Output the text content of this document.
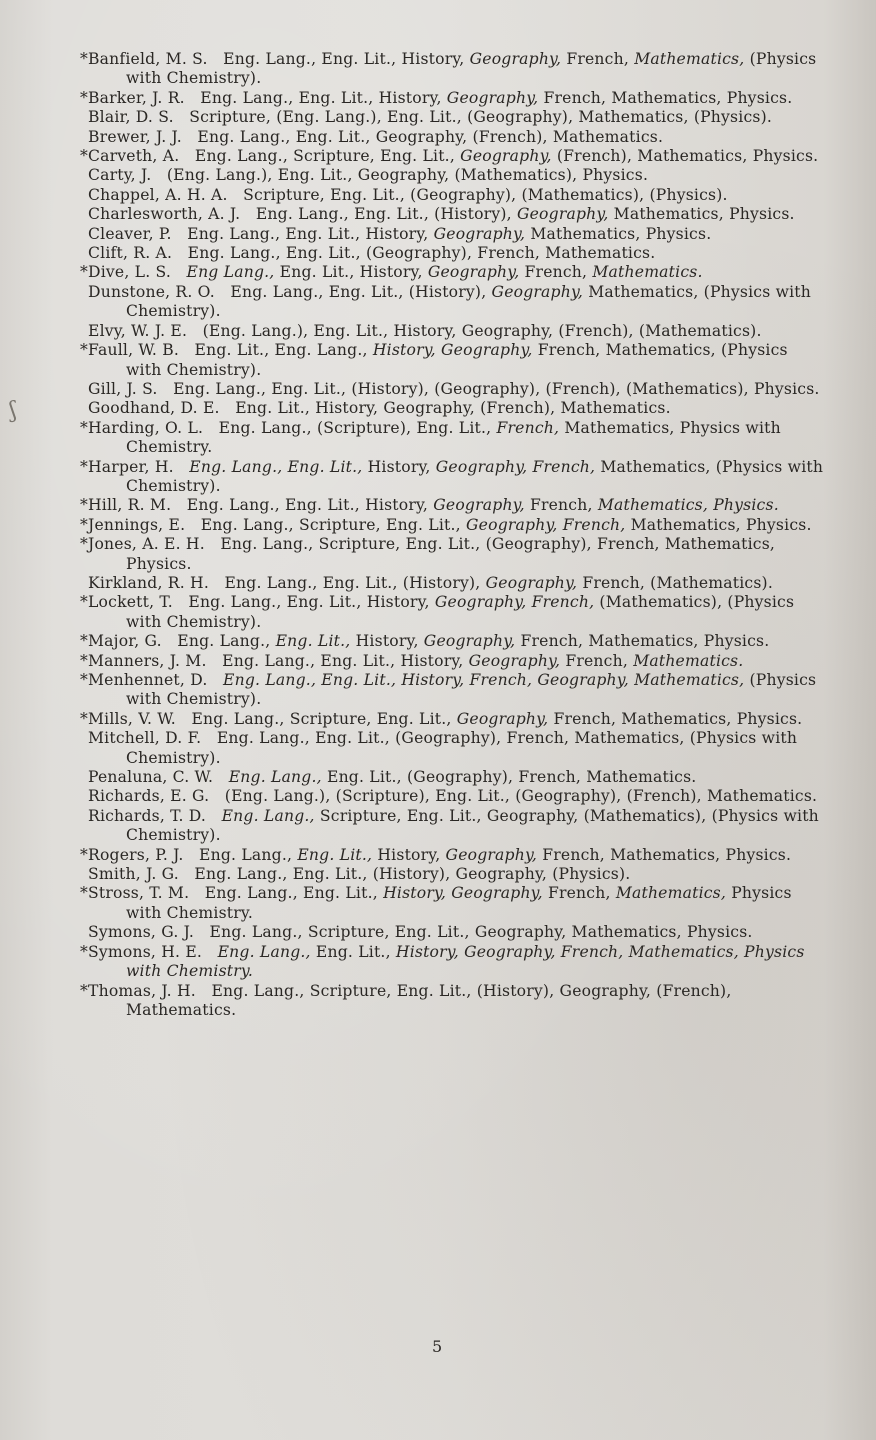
ʃ

* Banfield, M. S. Eng. Lang., Eng. Lit., History, Geography, French, Mathematics, (Physics with Chemistry).

* Barker, J. R. Eng. Lang., Eng. Lit., History, Geography, French, Mathematics, Physics.

Blair, D. S. Scripture, (Eng. Lang.), Eng. Lit., (Geography), Mathematics, (Physics).

Brewer, J. J. Eng. Lang., Eng. Lit., Geography, (French), Mathematics.

* Carveth, A. Eng. Lang., Scripture, Eng. Lit., Geography, (French), Mathematics, Physics.

Carty, J. (Eng. Lang.), Eng. Lit., Geography, (Mathematics), Physics.

Chappel, A. H. A. Scripture, Eng. Lit., (Geography), (Mathematics), (Physics).

Charlesworth, A. J. Eng. Lang., Eng. Lit., (History), Geography, Mathematics, Physics.

Cleaver, P. Eng. Lang., Eng. Lit., History, Geography, Mathematics, Physics.

Clift, R. A. Eng. Lang., Eng. Lit., (Geography), French, Mathematics.

* Dive, L. S. Eng Lang., Eng. Lit., History, Geography, French, Mathematics.

Dunstone, R. O. Eng. Lang., Eng. Lit., (History), Geography, Mathematics, (Physics with Chemistry).

Elvy, W. J. E. (Eng. Lang.), Eng. Lit., History, Geography, (French), (Mathematics).

* Faull, W. B. Eng. Lit., Eng. Lang., History, Geography, French, Mathematics, (Physics with Chemistry).

Gill, J. S. Eng. Lang., Eng. Lit., (History), (Geography), (French), (Mathematics), Physics.

Goodhand, D. E. Eng. Lit., History, Geography, (French), Mathematics.

* Harding, O. L. Eng. Lang., (Scripture), Eng. Lit., French, Mathematics, Physics with Chemistry.

* Harper, H. Eng. Lang., Eng. Lit., History, Geography, French, Mathematics, (Physics with Chemistry).

* Hill, R. M. Eng. Lang., Eng. Lit., History, Geography, French, Mathematics, Physics.

* Jennings, E. Eng. Lang., Scripture, Eng. Lit., Geography, French, Mathematics, Physics.

* Jones, A. E. H. Eng. Lang., Scripture, Eng. Lit., (Geography), French, Mathematics, Physics.

Kirkland, R. H. Eng. Lang., Eng. Lit., (History), Geography, French, (Mathematics).

* Lockett, T. Eng. Lang., Eng. Lit., History, Geography, French, (Mathematics), (Physics with Chemistry).

* Major, G. Eng. Lang., Eng. Lit., History, Geography, French, Mathematics, Physics.

* Manners, J. M. Eng. Lang., Eng. Lit., History, Geography, French, Mathematics.

* Menhennet, D. Eng. Lang., Eng. Lit., History, French, Geography, Mathematics, (Physics with Chemistry).

* Mills, V. W. Eng. Lang., Scripture, Eng. Lit., Geography, French, Mathematics, Physics.

Mitchell, D. F. Eng. Lang., Eng. Lit., (Geography), French, Mathematics, (Physics with Chemistry).

Penaluna, C. W. Eng. Lang., Eng. Lit., (Geography), French, Mathematics.

Richards, E. G. (Eng. Lang.), (Scripture), Eng. Lit., (Geography), (French), Mathematics.

Richards, T. D. Eng. Lang., Scripture, Eng. Lit., Geography, (Mathematics), (Physics with Chemistry).

* Rogers, P. J. Eng. Lang., Eng. Lit., History, Geography, French, Mathematics, Physics.

Smith, J. G. Eng. Lang., Eng. Lit., (History), Geography, (Physics).

* Stross, T. M. Eng. Lang., Eng. Lit., History, Geography, French, Mathematics, Physics with Chemistry.

Symons, G. J. Eng. Lang., Scripture, Eng. Lit., Geography, Mathematics, Physics.

* Symons, H. E. Eng. Lang., Eng. Lit., History, Geography, French, Mathematics, Physics with Chemistry.

* Thomas, J. H. Eng. Lang., Scripture, Eng. Lit., (History), Geography, (French), Mathematics.

5
